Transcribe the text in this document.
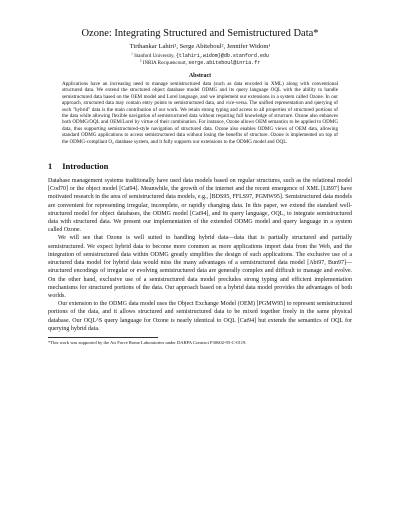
Ozone: Integrating Structured and Semistructured Data*
Tirthankar Lahiri¹, Serge Abiteboul², Jennifer Widom¹
$^1$ Stanford University, {tlahiri,widom}@db.stanford.edu
$^2$ INRIA Rocquencourt, serge.abiteboul@inria.fr
Abstract

Applications have an increasing need to manage semistructured data (such as data encoded in XML) along with conventional structured data. We extend the structured object database model ODMG and its query language OQL with the ability to handle semistructured data based on the OEM model and Lorel language, and we implement our extensions in a system called Ozone. In our approach, structured data may contain entry points to semistructured data, and vice-versa. The unified representation and querying of such "hybrid" data is the main contribution of our work. We retain strong typing and access to all properties of structured portions of the data while allowing flexible navigation of semistructured data without requiring full knowledge of structure. Ozone also enhances both ODMG/OQL and OEM/Lorel by virtue of their combination. For instance, Ozone allows OEM semantics to be applied to ODMG data, thus supporting semistructured-style navigation of structured data. Ozone also enables ODMG views of OEM data, allowing standard ODMG applications to access semistructured data without losing the benefits of structure. Ozone is implemented on top of the ODMG-compliant O₂ database system, and it fully supports our extensions to the ODMG model and OQL.

1 Introduction

Database management systems traditionally have used data models based on regular structures, such as the relational model [Cod70] or the object model [Cat94]. Meanwhile, the growth of the internet and the recent emergence of XML [LB97] have motivated research in the area of semistructured data models, e.g., [BDS95, FFLS97, PGMW95]. Semistructured data models are convenient for representing irregular, incomplete, or rapidly changing data. In this paper, we extend the standard well-structured model for object databases, the ODMG model [Cat94], and its query language, OQL, to integrate semistructured data with structured data. We present our implementation of the extended ODMG model and query language in a system called Ozone.

We will see that Ozone is well suited to handling hybrid data—data that is partially structured and partially semistructured. We expect hybrid data to become more common as more applications import data from the Web, and the integration of semistructured data within ODMG greatly simplifies the design of such applications. The exclusive use of a structured data model for hybrid data would miss the many advantages of a semistructured data model [Abi97, Bun97]—structured encodings of irregular or evolving semistructured data are generally complex and difficult to manage and evolve. On the other hand, exclusive use of a semistructured data model precludes strong typing and efficient implementation mechanisms for structured portions of the data. Our approach based on a hybrid data model provides the advantages of both worlds.

Our extension to the ODMG data model uses the Object Exchange Model (OEM) [PGMW95] to represent semistructured portions of the data, and it allows structured and semistructured data to be mixed together freely in the same physical database. Our OQL^S query language for Ozone is nearly identical to OQL [Cat94] but extends the semantics of OQL for querying hybrid data.

*This work was supported by the Air Force Rome Laboratories under DARPA Contract F30602-95-C-0119.
